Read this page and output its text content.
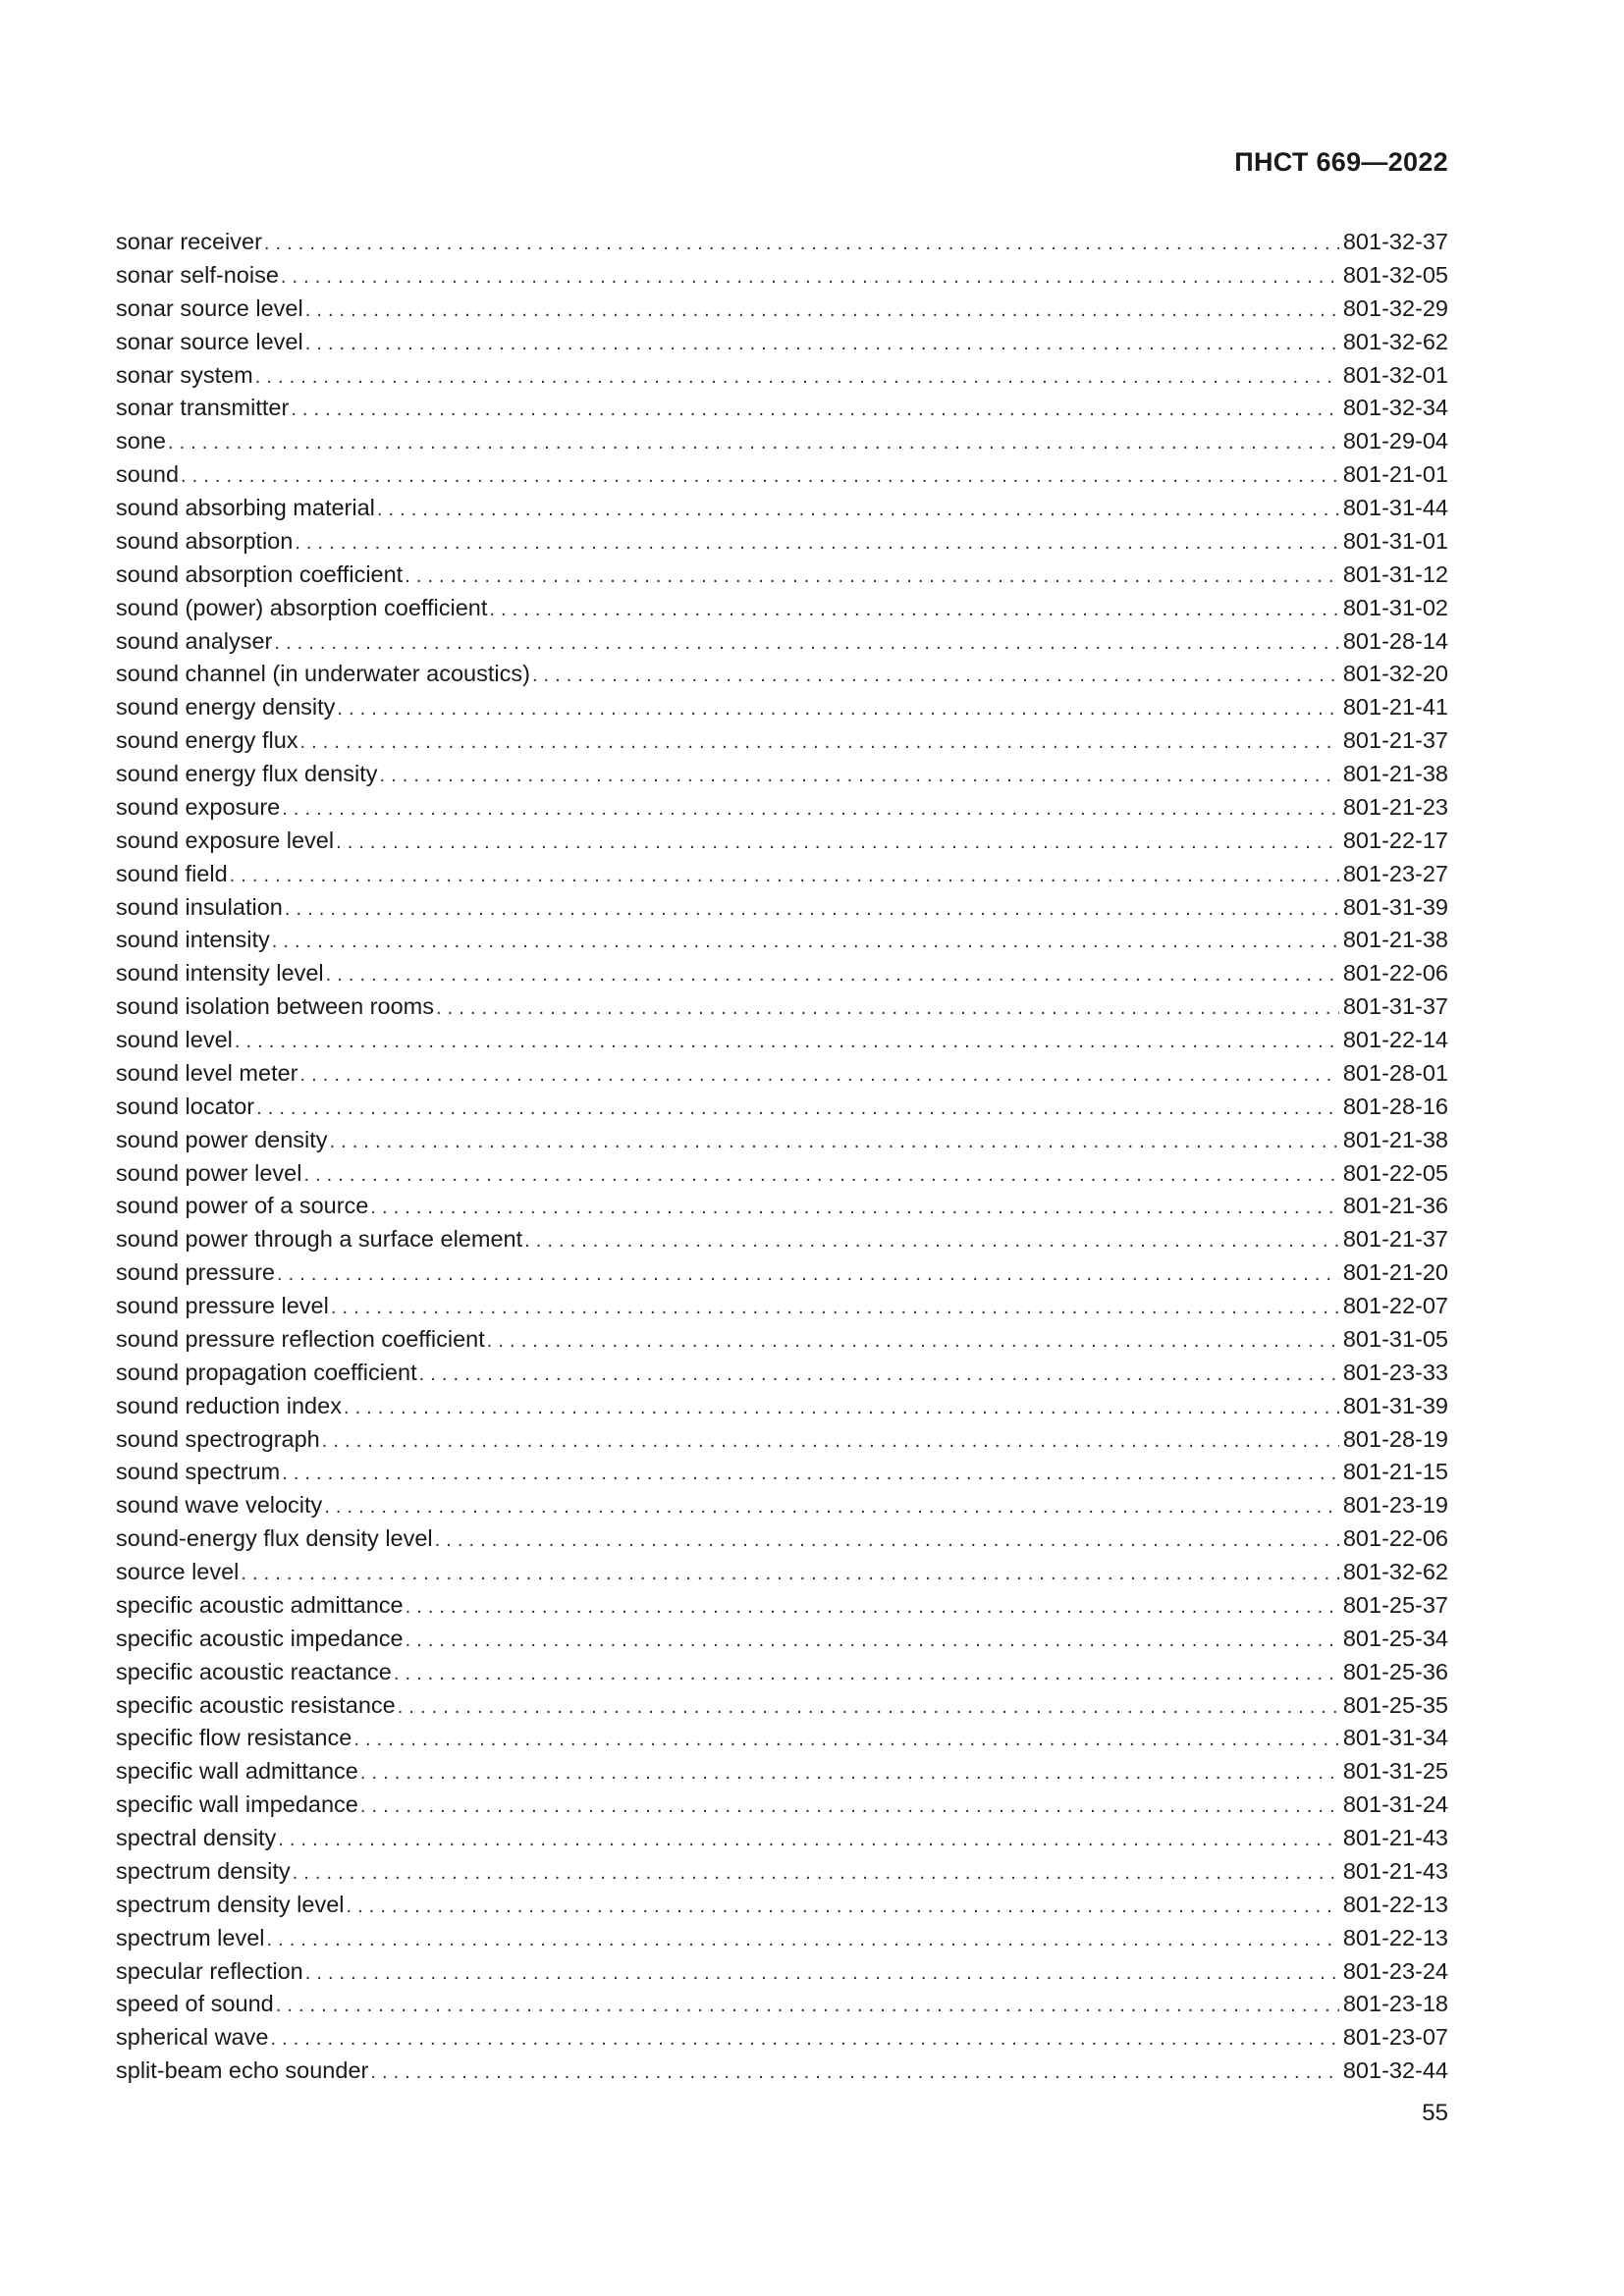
ПНСТ 669—2022
sonar receiver . . .	801-32-37
sonar self-noise . . .	801-32-05
sonar source level . . .	801-32-29
sonar source level . . .	801-32-62
sonar system . . .	801-32-01
sonar transmitter . . .	801-32-34
sone . . .	801-29-04
sound . . .	801-21-01
sound absorbing material . . .	801-31-44
sound absorption . . .	801-31-01
sound absorption coefficient . . .	801-31-12
sound (power) absorption coefficient . . .	801-31-02
sound analyser . . .	801-28-14
sound channel (in underwater acoustics) . . .	801-32-20
sound energy density . . .	801-21-41
sound energy flux . . .	801-21-37
sound energy flux density . . .	801-21-38
sound exposure . . .	801-21-23
sound exposure level . . .	801-22-17
sound field . . .	801-23-27
sound insulation . . .	801-31-39
sound intensity . . .	801-21-38
sound intensity level . . .	801-22-06
sound isolation between rooms . . .	801-31-37
sound level . . .	801-22-14
sound level meter . . .	801-28-01
sound locator . . .	801-28-16
sound power density . . .	801-21-38
sound power level . . .	801-22-05
sound power of a source . . .	801-21-36
sound power through a surface element . . .	801-21-37
sound pressure . . .	801-21-20
sound pressure level . . .	801-22-07
sound pressure reflection coefficient . . .	801-31-05
sound propagation coefficient . . .	801-23-33
sound reduction index . . .	801-31-39
sound spectrograph . . .	801-28-19
sound spectrum . . .	801-21-15
sound wave velocity . . .	801-23-19
sound-energy flux density level . . .	801-22-06
source level . . .	801-32-62
specific acoustic admittance . . .	801-25-37
specific acoustic impedance . . .	801-25-34
specific acoustic reactance . . .	801-25-36
specific acoustic resistance . . .	801-25-35
specific flow resistance . . .	801-31-34
specific wall admittance . . .	801-31-25
specific wall impedance . . .	801-31-24
spectral density . . .	801-21-43
spectrum density . . .	801-21-43
spectrum density level . . .	801-22-13
spectrum level . . .	801-22-13
specular reflection . . .	801-23-24
speed of sound . . .	801-23-18
spherical wave . . .	801-23-07
split-beam echo sounder . . .	801-32-44
55
